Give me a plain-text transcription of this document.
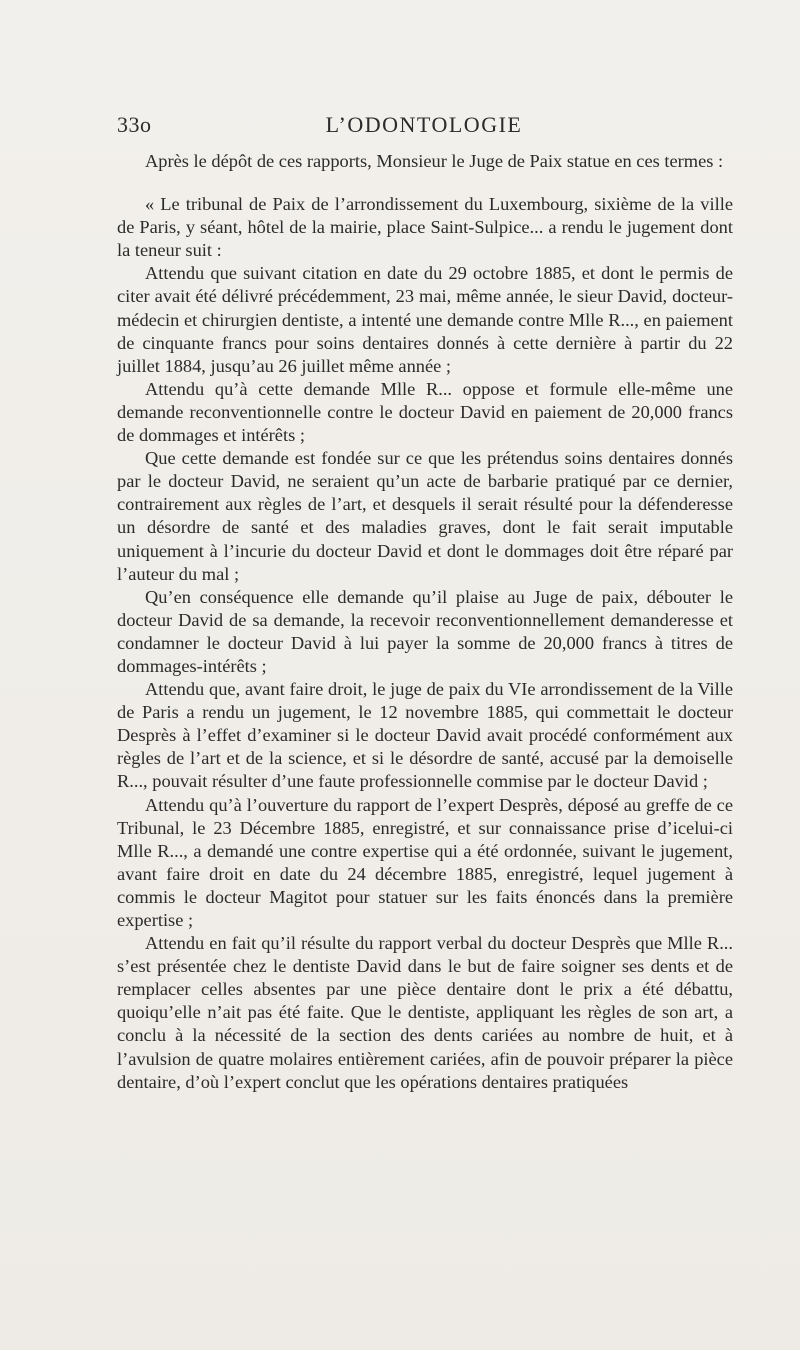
33o	L’ODONTOLOGIE

Après le dépôt de ces rapports, Monsieur le Juge de Paix statue en ces termes :

« Le tribunal de Paix de l’arrondissement du Luxembourg, sixième de la ville de Paris, y séant, hôtel de la mairie, place Saint-Sulpice... a rendu le jugement dont la teneur suit :

Attendu que suivant citation en date du 29 octobre 1885, et dont le permis de citer avait été délivré précédemment, 23 mai, même année, le sieur David, docteur-médecin et chirurgien dentiste, a intenté une demande contre Mlle R..., en paiement de cinquante francs pour soins dentaires donnés à cette dernière à partir du 22 juillet 1884, jusqu’au 26 juillet même année ;

Attendu qu’à cette demande Mlle R... oppose et formule elle-même une demande reconventionnelle contre le docteur David en paiement de 20,000 francs de dommages et intérêts ;

Que cette demande est fondée sur ce que les prétendus soins dentaires donnés par le docteur David, ne seraient qu’un acte de barbarie pratiqué par ce dernier, contrairement aux règles de l’art, et desquels il serait résulté pour la défenderesse un désordre de santé et des maladies graves, dont le fait serait imputable uniquement à l’incurie du docteur David et dont le dommages doit être réparé par l’auteur du mal ;

Qu’en conséquence elle demande qu’il plaise au Juge de paix, débouter le docteur David de sa demande, la recevoir reconventionnellement demanderesse et condamner le docteur David à lui payer la somme de 20,000 francs à titres de dommages-intérêts ;

Attendu que, avant faire droit, le juge de paix du VIe arrondissement de la Ville de Paris a rendu un jugement, le 12 novembre 1885, qui commettait le docteur Desprès à l’effet d’examiner si le docteur David avait procédé conformément aux règles de l’art et de la science, et si le désordre de santé, accusé par la demoiselle R..., pouvait résulter d’une faute professionnelle commise par le docteur David ;

Attendu qu’à l’ouverture du rapport de l’expert Desprès, déposé au greffe de ce Tribunal, le 23 Décembre 1885, enregistré, et sur connaissance prise d’icelui-ci Mlle R..., a demandé une contre expertise qui a été ordonnée, suivant le jugement, avant faire droit en date du 24 décembre 1885, enregistré, lequel jugement à commis le docteur Magitot pour statuer sur les faits énoncés dans la première expertise ;

Attendu en fait qu’il résulte du rapport verbal du docteur Desprès que Mlle R... s’est présentée chez le dentiste David dans le but de faire soigner ses dents et de remplacer celles absentes par une pièce dentaire dont le prix a été débattu, quoiqu’elle n’ait pas été faite. Que le dentiste, appliquant les règles de son art, a conclu à la nécessité de la section des dents cariées au nombre de huit, et à l’avulsion de quatre molaires entièrement cariées, afin de pouvoir préparer la pièce dentaire, d’où l’expert conclut que les opérations dentaires pratiquées
